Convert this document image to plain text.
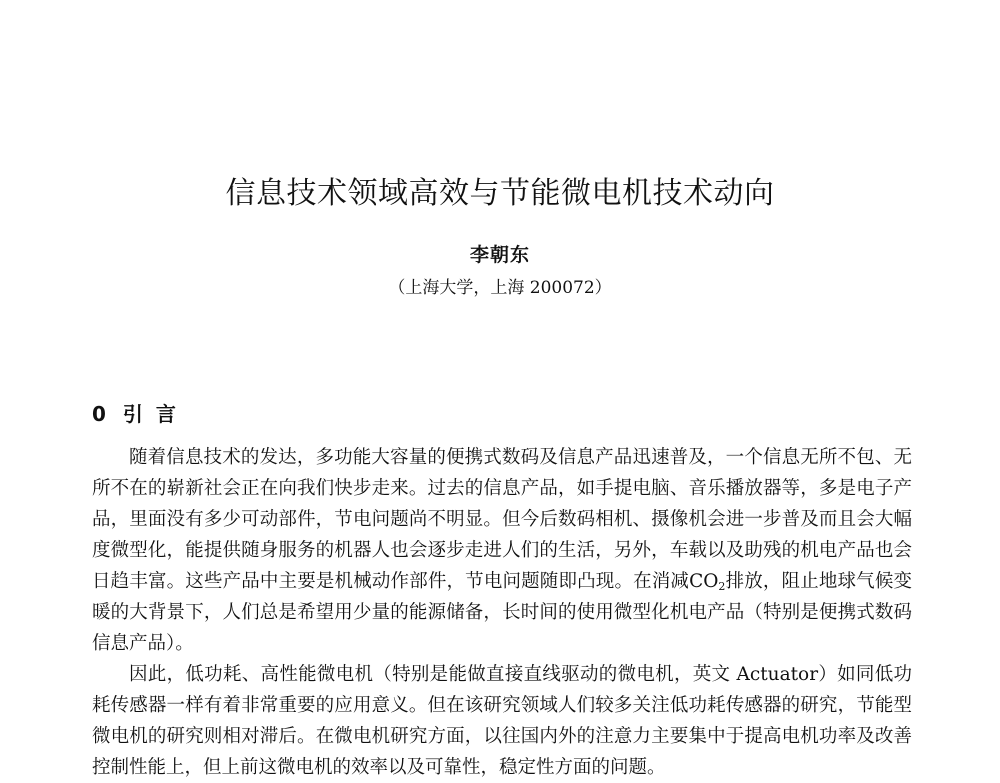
信息技术领域高效与节能微电机技术动向
李朝东
（上海大学，上海 200072）
0 引 言

随着信息技术的发达，多功能大容量的便携式数码及信息产品迅速普及，一个信息无所不包、无所不在的崭新社会正在向我们快步走来。过去的信息产品，如手提电脑、音乐播放器等，多是电子产品，里面没有多少可动部件，节电问题尚不明显。但今后数码相机、摄像机会进一步普及而且会大幅度微型化，能提供随身服务的机器人也会逐步走进人们的生活，另外，车载以及助残的机电产品也会日趋丰富。这些产品中主要是机械动作部件，节电问题随即凸现。在消减$CO_2$排放，阻止地球气候变暖的大背景下，人们总是希望用少量的能源储备，长时间的使用微型化机电产品（特别是便携式数码信息产品）。

因此，低功耗、高性能微电机（特别是能做直接直线驱动的微电机，英文 Actuator）如同低功耗传感器一样有着非常重要的应用意义。但在该研究领域人们较多关注低功耗传感器的研究，节能型微电机的研究则相对滞后。在微电机研究方面，以往国内外的注意力主要集中于提高电机功率及改善控制性能上，但上前这微电机的效率以及可靠性，稳定性方面的问题。
